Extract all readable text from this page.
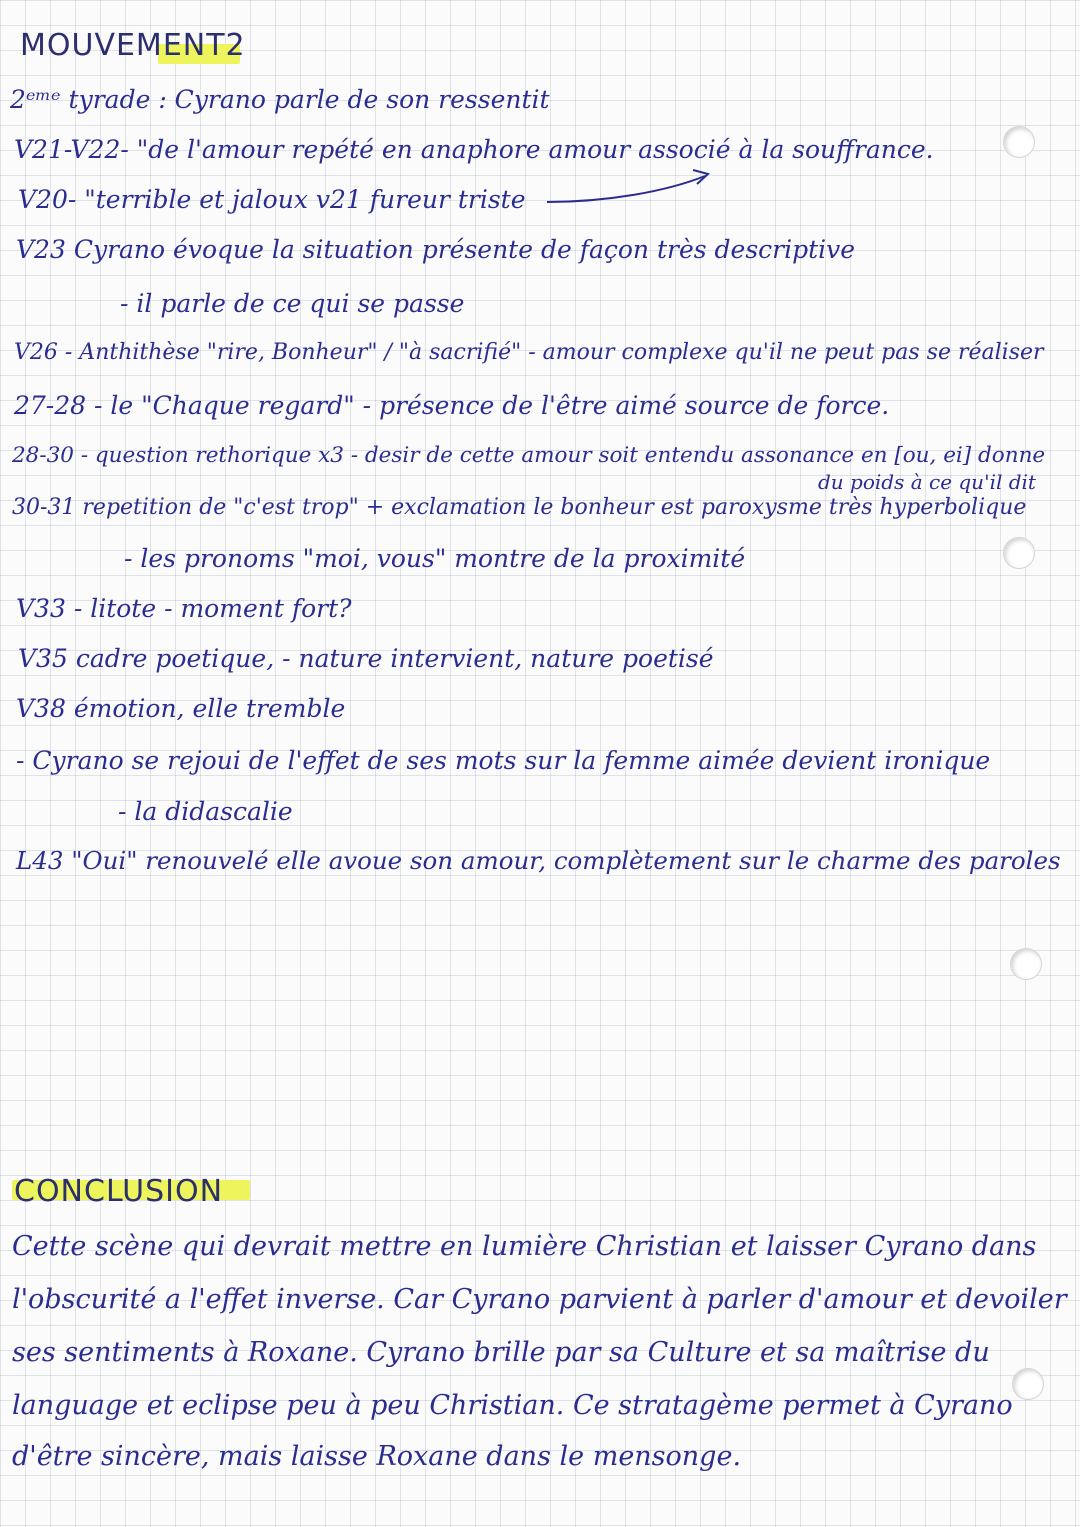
MOUVEMENT2
2ᵉᵐᵉ tyrade : Cyrano parle de son ressentit
V21-V22- "de l'amour repété en anaphore amour associé à la souffrance.
V20- "terrible et jaloux v21 fureur triste
V23 Cyrano évoque la situation présente de façon très descriptive
- il parle de ce qui se passe
V26 - Anthithèse "rire, Bonheur" / "à sacrifié" - amour complexe qu'il ne peut pas se réaliser
27-28 - le "Chaque regard" - présence de l'être aimé source de force.
28-30 - question rethorique x3 - desir de cette amour soit entendu assonance en [ou, ei] donne
du poids à ce qu'il dit
30-31 repetition de "c'est trop" + exclamation le bonheur est paroxysme très hyperbolique
- les pronoms "moi, vous" montre de la proximité
V33 - litote - moment fort?
V35 cadre poetique, - nature intervient, nature poetisé
V38 émotion, elle tremble
- Cyrano se rejoui de l'effet de ses mots sur la femme aimée devient ironique
- la didascalie
L43 "Oui" renouvelé elle avoue son amour, complètement sur le charme des paroles
CONCLUSION
Cette scène qui devrait mettre en lumière Christian et laisser Cyrano dans
l'obscurité a l'effet inverse. Car Cyrano parvient à parler d'amour et devoiler
ses sentiments à Roxane. Cyrano brille par sa Culture et sa maîtrise du
language et eclipse peu à peu Christian. Ce stratagème permet à Cyrano
d'être sincère, mais laisse Roxane dans le mensonge.
